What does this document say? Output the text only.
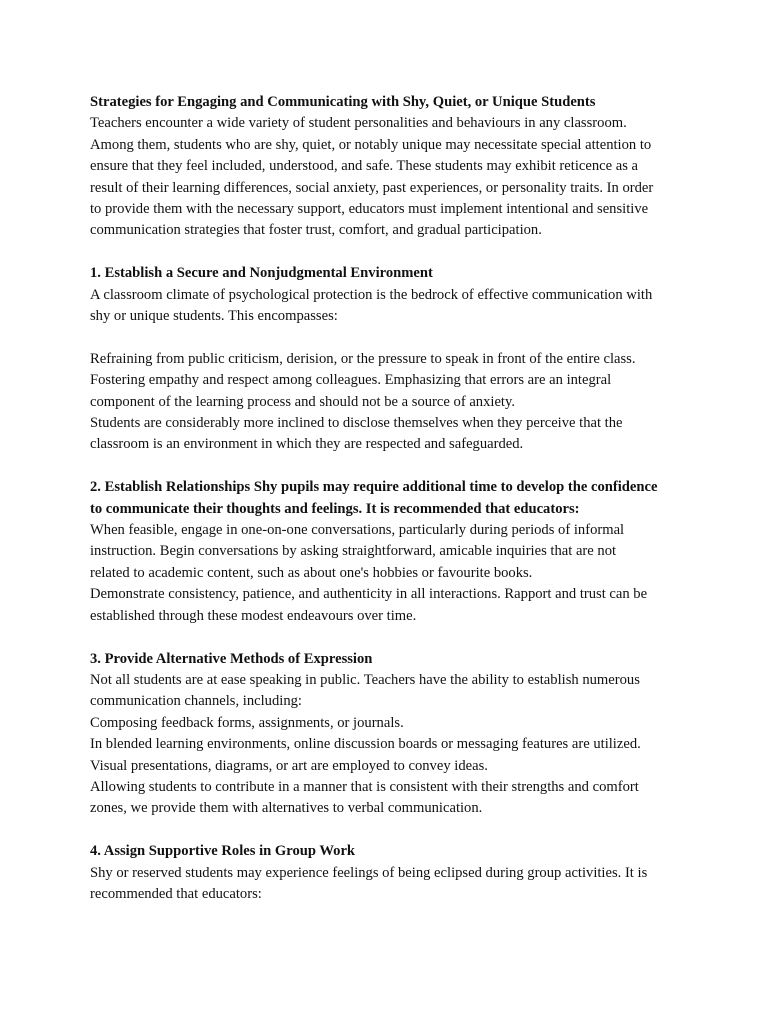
Strategies for Engaging and Communicating with Shy, Quiet, or Unique Students
Teachers encounter a wide variety of student personalities and behaviours in any classroom.
Among them, students who are shy, quiet, or notably unique may necessitate special attention to
ensure that they feel included, understood, and safe. These students may exhibit reticence as a
result of their learning differences, social anxiety, past experiences, or personality traits. In order
to provide them with the necessary support, educators must implement intentional and sensitive
communication strategies that foster trust, comfort, and gradual participation.
1. Establish a Secure and Nonjudgmental Environment
A classroom climate of psychological protection is the bedrock of effective communication with
shy or unique students. This encompasses:
Refraining from public criticism, derision, or the pressure to speak in front of the entire class.
Fostering empathy and respect among colleagues. Emphasizing that errors are an integral
component of the learning process and should not be a source of anxiety.
Students are considerably more inclined to disclose themselves when they perceive that the
classroom is an environment in which they are respected and safeguarded.
2. Establish Relationships Shy pupils may require additional time to develop the confidence
to communicate their thoughts and feelings. It is recommended that educators:
When feasible, engage in one-on-one conversations, particularly during periods of informal
instruction. Begin conversations by asking straightforward, amicable inquiries that are not
related to academic content, such as about one's hobbies or favourite books.
Demonstrate consistency, patience, and authenticity in all interactions. Rapport and trust can be
established through these modest endeavours over time.
3. Provide Alternative Methods of Expression
Not all students are at ease speaking in public. Teachers have the ability to establish numerous
communication channels, including:
Composing feedback forms, assignments, or journals.
In blended learning environments, online discussion boards or messaging features are utilized.
Visual presentations, diagrams, or art are employed to convey ideas.
Allowing students to contribute in a manner that is consistent with their strengths and comfort
zones, we provide them with alternatives to verbal communication.
4. Assign Supportive Roles in Group Work
Shy or reserved students may experience feelings of being eclipsed during group activities. It is
recommended that educators:
